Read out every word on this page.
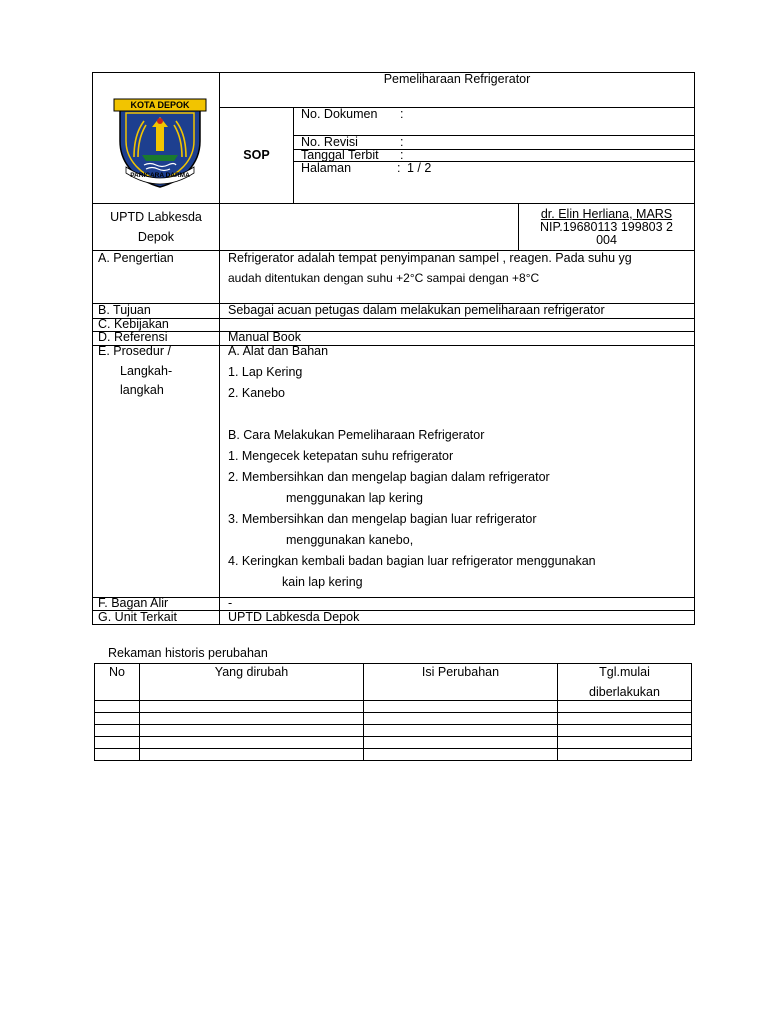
KOTA DEPOK
PARICARA DARMA
Pemeliharaan Refrigerator
SOP
No. Dokumen :
No. Revisi	:
Tanggal Terbit :
Halaman	: 1 / 2
UPTD Labkesda
Depok
dr. Elin Herliana, MARS
NIP.19680113 199803 2
004
A. Pengertian	Refrigerator adalah tempat penyimpanan sampel , reagen. Pada suhu yg
audah ditentukan dengan suhu +2°C sampai dengan +8°C
B. Tujuan	Sebagai acuan petugas dalam melakukan pemeliharaan refrigerator
C. Kebijakan
D. Referensi	Manual Book
E. Prosedur /
Langkah-
langkah
A. Alat dan Bahan
1. Lap Kering
2. Kanebo
B. Cara Melakukan Pemeliharaan Refrigerator
1. Mengecek ketepatan suhu refrigerator
2. Membersihkan dan mengelap bagian dalam refrigerator
menggunakan lap kering
3. Membersihkan dan mengelap bagian luar refrigerator
menggunakan kanebo,
4. Keringkan kembali badan bagian luar refrigerator menggunakan
kain lap kering
F. Bagan Alir	-
G. Unit Terkait	UPTD Labkesda Depok
Rekaman historis perubahan
No	Yang dirubah	Isi Perubahan	Tgl.mulai
diberlakukan
